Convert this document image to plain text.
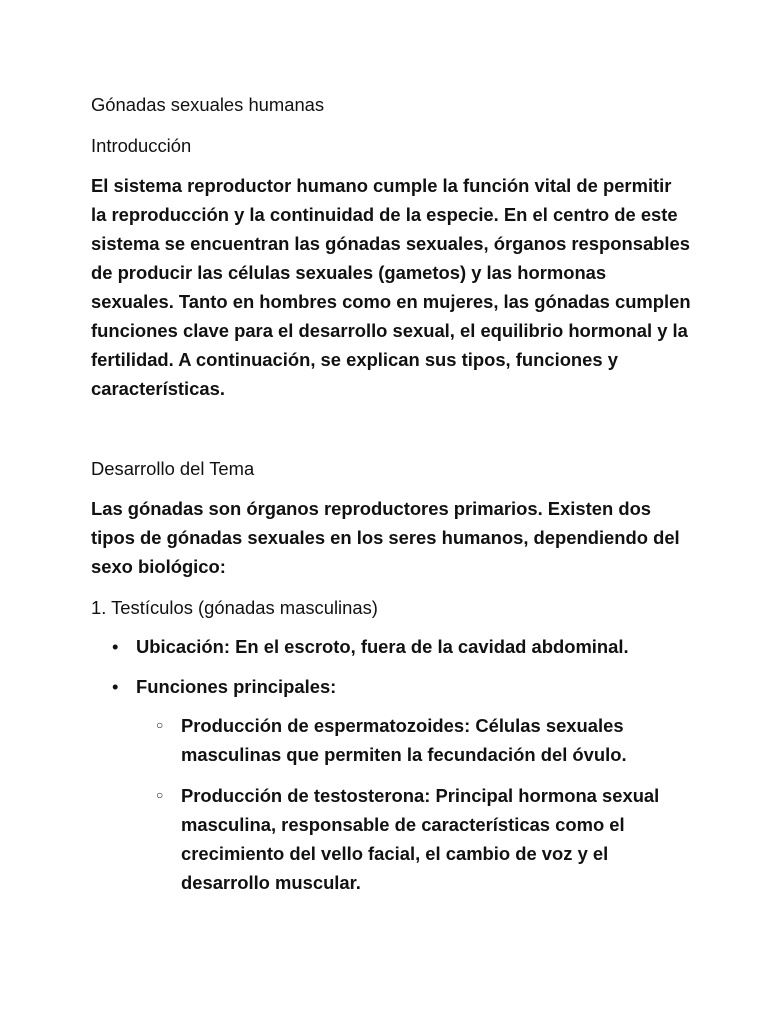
Gónadas sexuales humanas

Introducción

El sistema reproductor humano cumple la función vital de permitir la reproducción y la continuidad de la especie. En el centro de este sistema se encuentran las gónadas sexuales, órganos responsables de producir las células sexuales (gametos) y las hormonas sexuales. Tanto en hombres como en mujeres, las gónadas cumplen funciones clave para el desarrollo sexual, el equilibrio hormonal y la fertilidad. A continuación, se explican sus tipos, funciones y características.

Desarrollo del Tema

Las gónadas son órganos reproductores primarios. Existen dos tipos de gónadas sexuales en los seres humanos, dependiendo del sexo biológico:

1. Testículos (gónadas masculinas)

• Ubicación: En el escroto, fuera de la cavidad abdominal.
• Funciones principales:
○ Producción de espermatozoides: Células sexuales masculinas que permiten la fecundación del óvulo.
○ Producción de testosterona: Principal hormona sexual masculina, responsable de características como el crecimiento del vello facial, el cambio de voz y el desarrollo muscular.
